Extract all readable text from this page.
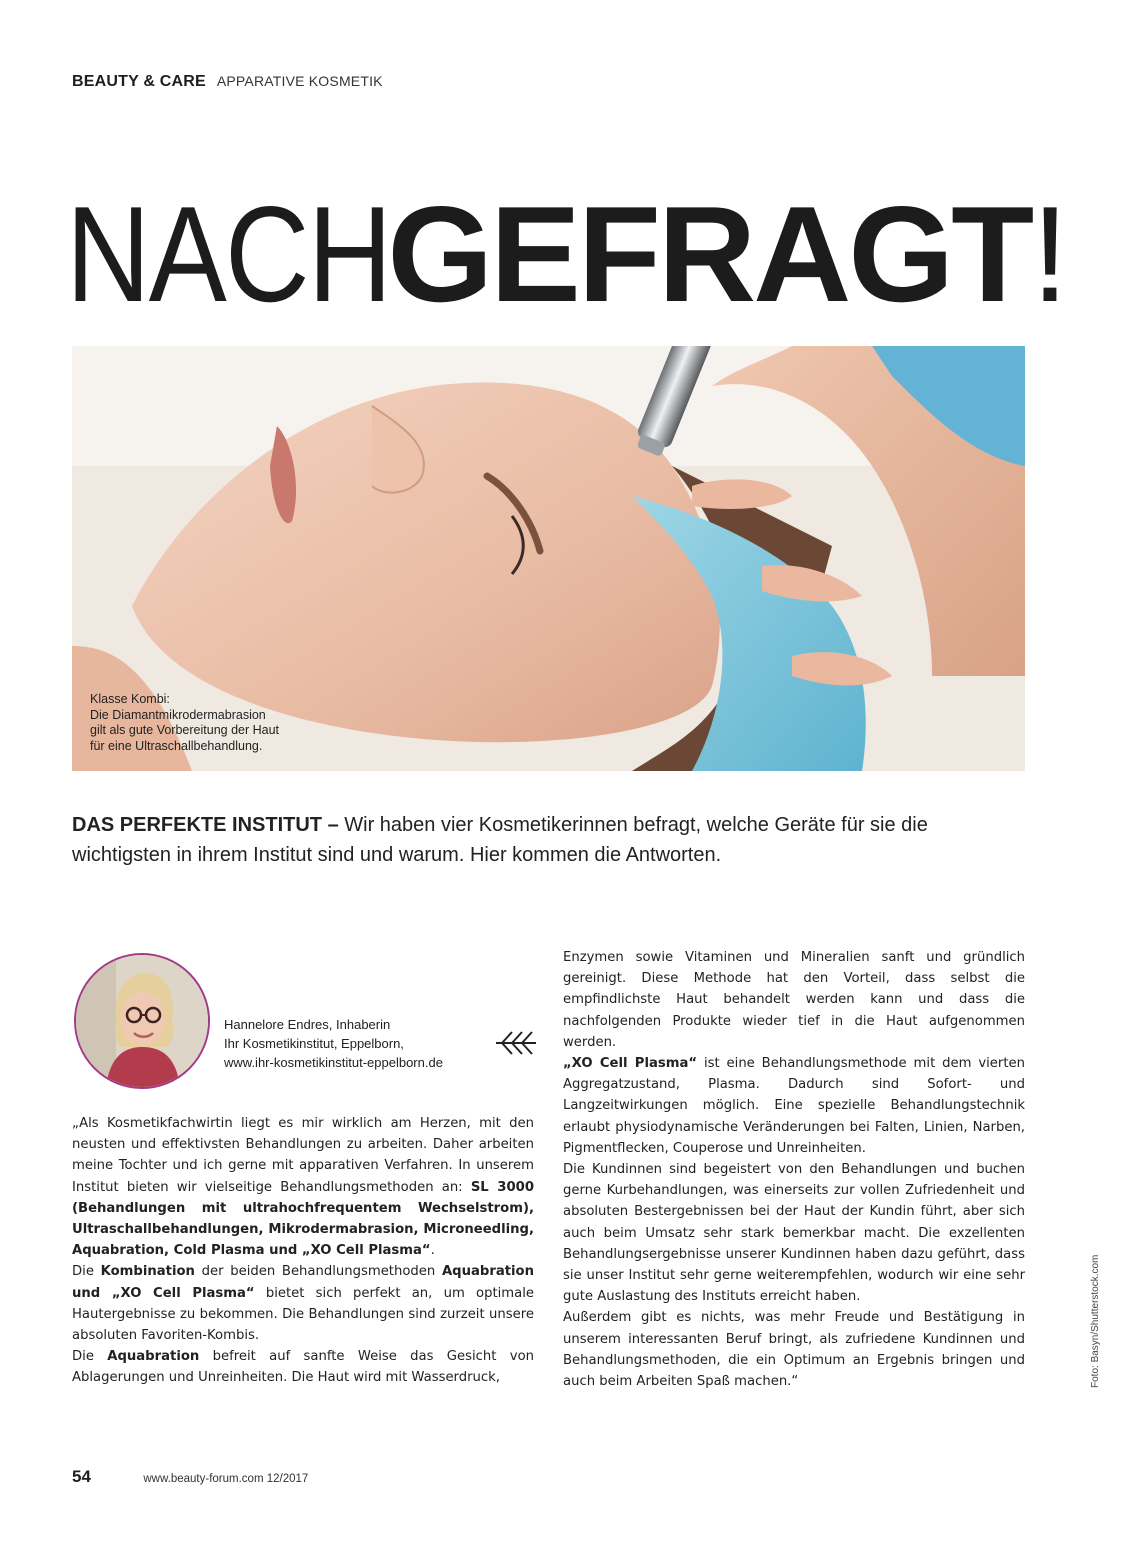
BEAUTY & CARE APPARATIVE KOSMETIK
NACHGEFRAGT!
Klasse Kombi:
Die Diamantmikrodermabrasion
gilt als gute Vorbereitung der Haut
für eine Ultraschallbehandlung.
DAS PERFEKTE INSTITUT – Wir haben vier Kosmetikerinnen befragt, welche Geräte für sie die wichtigsten in ihrem Institut sind und warum. Hier kommen die Antworten.
Hannelore Endres, Inhaberin
Ihr Kosmetikinstitut, Eppelborn,
www.ihr-kosmetikinstitut-eppelborn.de

„Als Kosmetikfachwirtin liegt es mir wirklich am Herzen, mit den neusten und effektivsten Behandlungen zu arbeiten. Daher arbeiten meine Tochter und ich gerne mit apparativen Verfahren. In unserem Institut bieten wir vielseitige Behandlungsmethoden an: SL 3000 (Behandlungen mit ultrahochfrequentem Wechselstrom), Ultraschallbehandlungen, Mikrodermabrasion, Microneedling, Aquabration, Cold Plasma und „XO Cell Plasma“.

Die Kombination der beiden Behandlungsmethoden Aquabration und „XO Cell Plasma“ bietet sich perfekt an, um optimale Hautergebnisse zu bekommen. Die Behandlungen sind zurzeit unsere absoluten Favoriten-Kombis.

Die Aquabration befreit auf sanfte Weise das Gesicht von Ablagerungen und Unreinheiten. Die Haut wird mit Wasserdruck,

Enzymen sowie Vitaminen und Mineralien sanft und gründlich gereinigt. Diese Methode hat den Vorteil, dass selbst die empfindlichste Haut behandelt werden kann und dass die nachfolgenden Produkte wieder tief in die Haut aufgenommen werden.

„XO Cell Plasma“ ist eine Behandlungsmethode mit dem vierten Aggregatzustand, Plasma. Dadurch sind Sofort- und Langzeitwirkungen möglich. Eine spezielle Behandlungstechnik erlaubt physiodynamische Veränderungen bei Falten, Linien, Narben, Pigmentflecken, Couperose und Unreinheiten.

Die Kundinnen sind begeistert von den Behandlungen und buchen gerne Kurbehandlungen, was einerseits zur vollen Zufriedenheit und absoluten Bestergebnissen bei der Haut der Kundin führt, aber sich auch beim Umsatz sehr stark bemerkbar macht. Die exzellenten Behandlungsergebnisse unserer Kundinnen haben dazu geführt, dass sie unser Institut sehr gerne weiterempfehlen, wodurch wir eine sehr gute Auslastung des Instituts erreicht haben.

Außerdem gibt es nichts, was mehr Freude und Bestätigung in unserem interessanten Beruf bringt, als zufriedene Kundinnen und Behandlungsmethoden, die ein Optimum an Ergebnis bringen und auch beim Arbeiten Spaß machen.“	Foto: Basyn/Shutterstock.com
54	www.beauty-forum.com 12/2017
